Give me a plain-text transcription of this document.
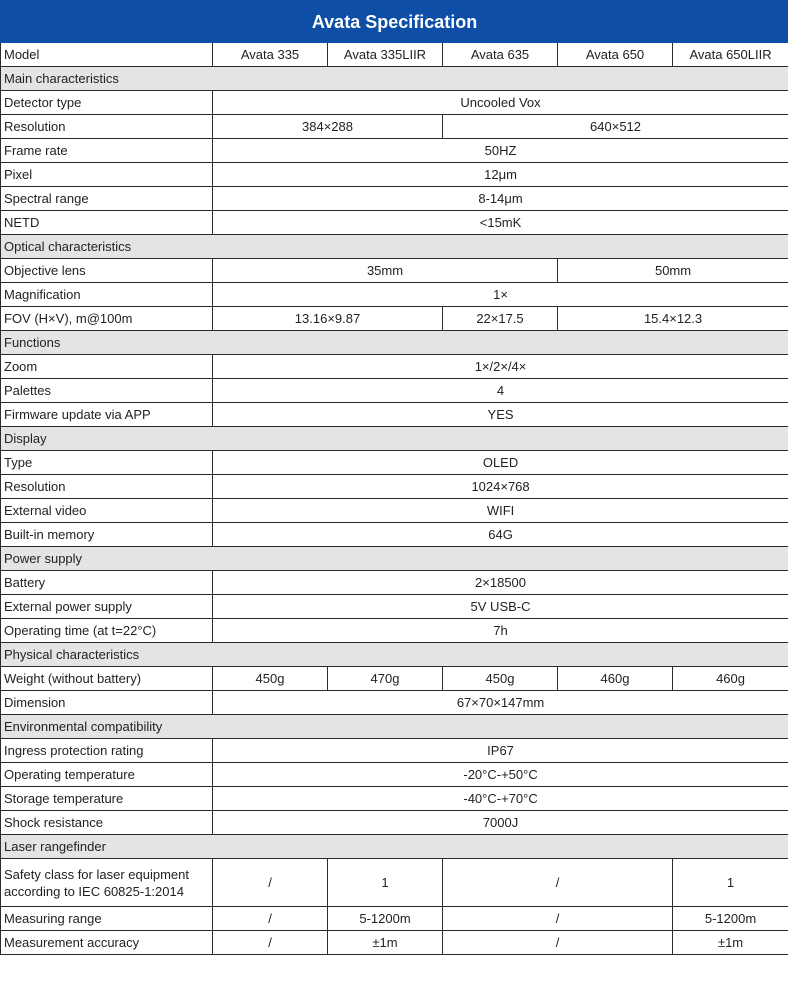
Avata Specification					
Model	Avata 335	Avata 335LIIR	Avata 635	Avata 650	Avata 650LIIR
Main characteristics					
Detector type	Uncooled Vox				
Resolution	384×288		640×512		
Frame rate	50HZ				
Pixel	12μm				
Spectral range	8-14μm				
NETD	<15mK				
Optical characteristics					
Objective lens	35mm			50mm	
Magnification	1×				
FOV (H×V), m@100m	13.16×9.87		22×17.5	15.4×12.3	
Functions					
Zoom	1×/2×/4×				
Palettes	4				
Firmware update via APP	YES				
Display					
Type	OLED				
Resolution	1024×768				
External video	WIFI				
Built-in memory	64G				
Power supply					
Battery	2×18500				
External power supply	5V USB-C				
Operating time (at t=22°C)	7h				
Physical characteristics					
Weight (without battery)	450g	470g	450g	460g	460g
Dimension	67×70×147mm				
Environmental compatibility					
Ingress protection rating	IP67				
Operating temperature	-20°C-+50°C				
Storage temperature	-40°C-+70°C				
Shock resistance	7000J				
Laser rangefinder					
Safety class for laser equipment according to IEC 60825-1:2014	/	1	/		1
Measuring range	/	5-1200m	/		5-1200m
Measurement accuracy	/	±1m	/		±1m
